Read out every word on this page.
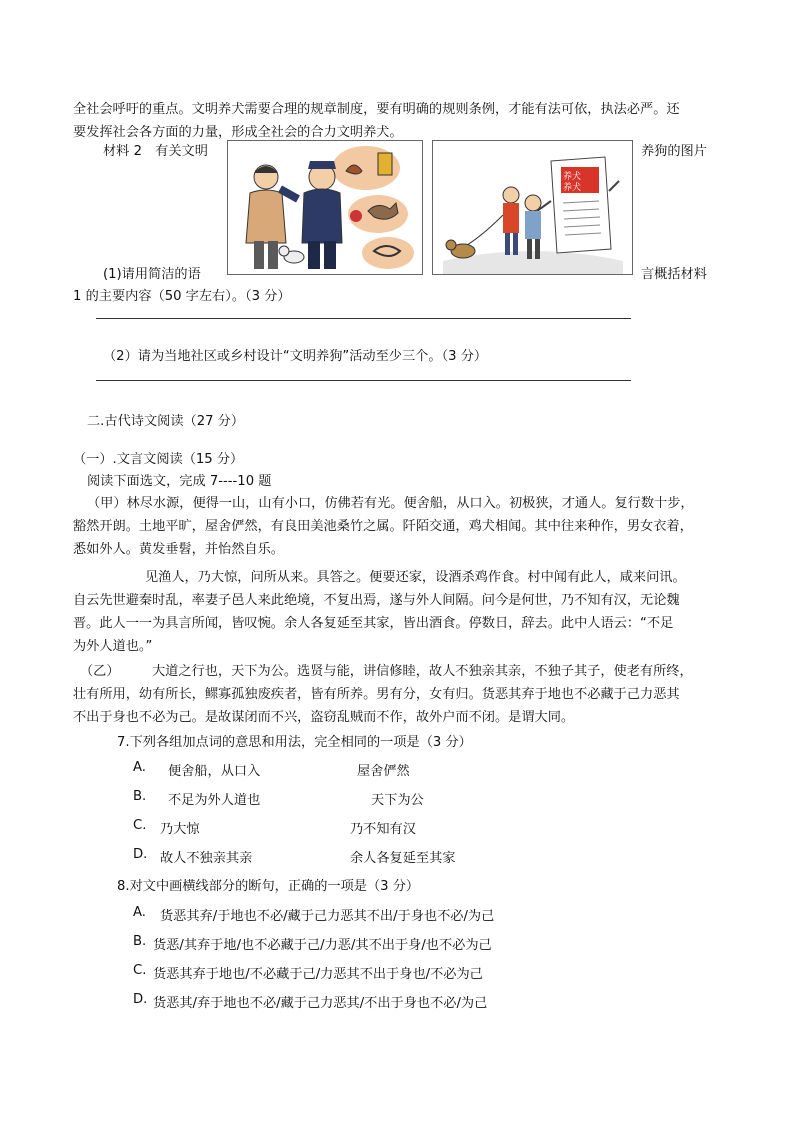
全社会呼吁的重点。文明养犬需要合理的规章制度，要有明确的规则条例，才能有法可依，执法必严。还
要发挥社会各方面的力量，形成全社会的合力文明养犬。
材料 2　有关文明	养狗的图片
养犬
养犬
(1)请用简洁的语	言概括材料
1 的主要内容（50 字左右）。（3 分）
（2）请为当地社区或乡村设计“文明养狗”活动至少三个。（3 分）
二.古代诗文阅读（27 分）
（一）.文言文阅读（15 分）
阅读下面选文，完成 7----10 题
（甲）林尽水源，便得一山，山有小口，仿佛若有光。便舍船，从口入。初极狭，才通人。复行数十步，
豁然开朗。土地平旷，屋舍俨然，有良田美池桑竹之属。阡陌交通，鸡犬相闻。其中往来种作，男女衣着，
悉如外人。黄发垂髫，并怡然自乐。
见渔人，乃大惊，问所从来。具答之。便要还家，设酒杀鸡作食。村中闻有此人，咸来问讯。
自云先世避秦时乱，率妻子邑人来此绝境，不复出焉，遂与外人间隔。问今是何世，乃不知有汉，无论魏
晋。此人一一为具言所闻，皆叹惋。余人各复延至其家，皆出酒食。停数日，辞去。此中人语云：“不足
为外人道也。”
（乙） 大道之行也，天下为公。选贤与能，讲信修睦，故人不独亲其亲，不独子其子，使老有所终，
壮有所用，幼有所长，鳏寡孤独废疾者，皆有所养。男有分，女有归。货恶其弃于地也不必藏于己力恶其
不出于身也不必为己。是故谋闭而不兴，盗窃乱贼而不作，故外户而不闭。是谓大同。
7.下列各组加点词的意思和用法，完全相同的一项是（3 分）
A. 便舍船，从口入	屋舍俨然
B. 不足为外人道也	天下为公
C. 乃大惊	乃不知有汉
D. 故人不独亲其亲	余人各复延至其家
8.对文中画横线部分的断句，正确的一项是（3 分）
A. 货恶其弃/于地也不必/藏于己力恶其不出/于身也不必/为己
B. 货恶/其弃于地/也不必藏于己/力恶/其不出于身/也不必为己
C. 货恶其弃于地也/不必藏于己/力恶其不出于身也/不必为己
D. 货恶其/弃于地也不必/藏于己力恶其/不出于身也不必/为己
